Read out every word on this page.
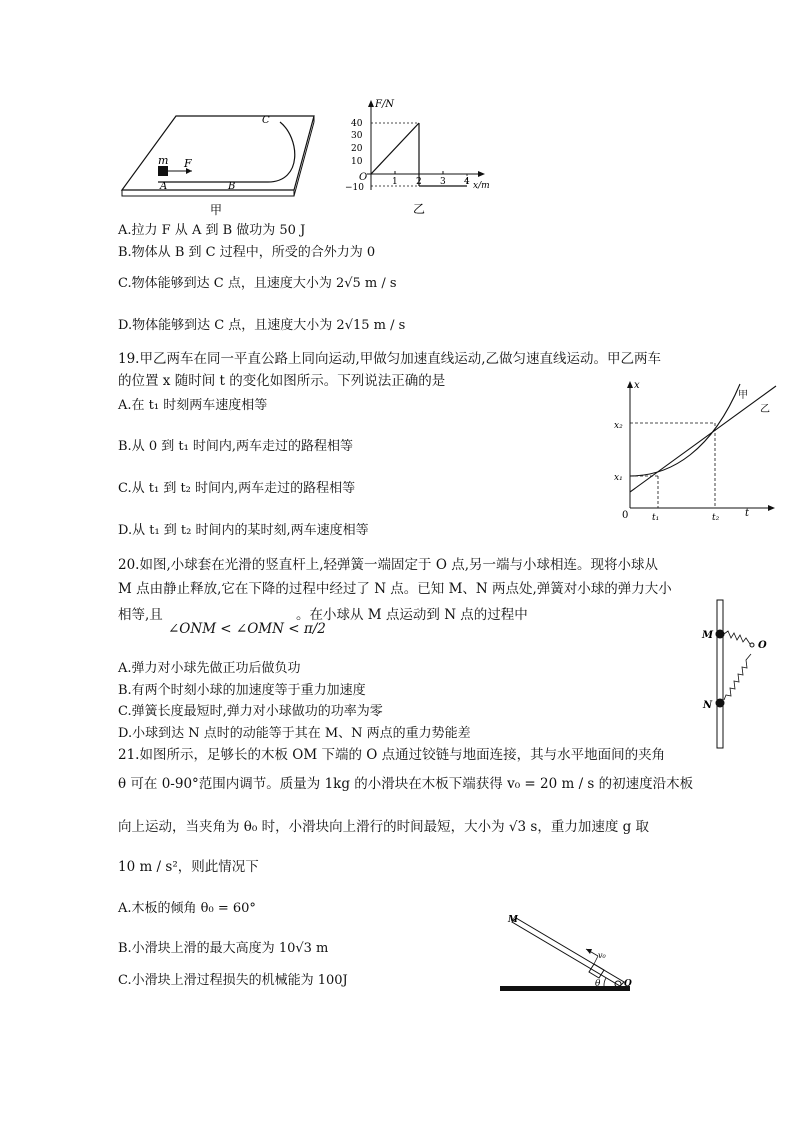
m F
A	B
C
甲
F/N
x/m
O
40
30
20
10
−10
1 2 3 4
乙
A.拉力 F 从 A 到 B 做功为 50 J
B.物体从 B 到 C 过程中，所受的合外力为 0
C.物体能够到达 C 点，且速度大小为 2√5 m / s
D.物体能够到达 C 点，且速度大小为 2√15 m / s
19.甲乙两车在同一平直公路上同向运动,甲做匀加速直线运动,乙做匀速直线运动。甲乙两车
的位置 x 随时间 t 的变化如图所示。下列说法正确的是
A.在 t₁ 时刻两车速度相等
B.从 0 到 t₁ 时间内,两车走过的路程相等
C.从 t₁ 到 t₂ 时间内,两车走过的路程相等
D.从 t₁ 到 t₂ 时间内的某时刻,两车速度相等
x
t
0
x₂
x₁
t₁	t₂
甲
乙
20.如图,小球套在光滑的竖直杆上,轻弹簧一端固定于 O 点,另一端与小球相连。现将小球从
M 点由静止释放,它在下降的过程中经过了 N 点。已知 M、N 两点处,弹簧对小球的弹力大小
相等,且
∠ONM < ∠OMN < π/2
。在小球从 M 点运动到 N 点的过程中
A.弹力对小球先做正功后做负功
B.有两个时刻小球的加速度等于重力加速度
C.弹簧长度最短时,弹力对小球做功的功率为零
D.小球到达 N 点时的动能等于其在 M、N 两点的重力势能差
M
N
O
21.如图所示，足够长的木板 OM 下端的 O 点通过铰链与地面连接，其与水平地面间的夹角
θ 可在 0-90°范围内调节。质量为 1kg 的小滑块在木板下端获得 v₀ = 20 m / s 的初速度沿木板
向上运动，当夹角为 θ₀ 时，小滑块向上滑行的时间最短，大小为 √3 s，重力加速度 g 取
10 m / s²，则此情况下
A.木板的倾角 θ₀ = 60°
B.小滑块上滑的最大高度为 10√3 m
C.小滑块上滑过程损失的机械能为 100J
M
O
θ
v₀
